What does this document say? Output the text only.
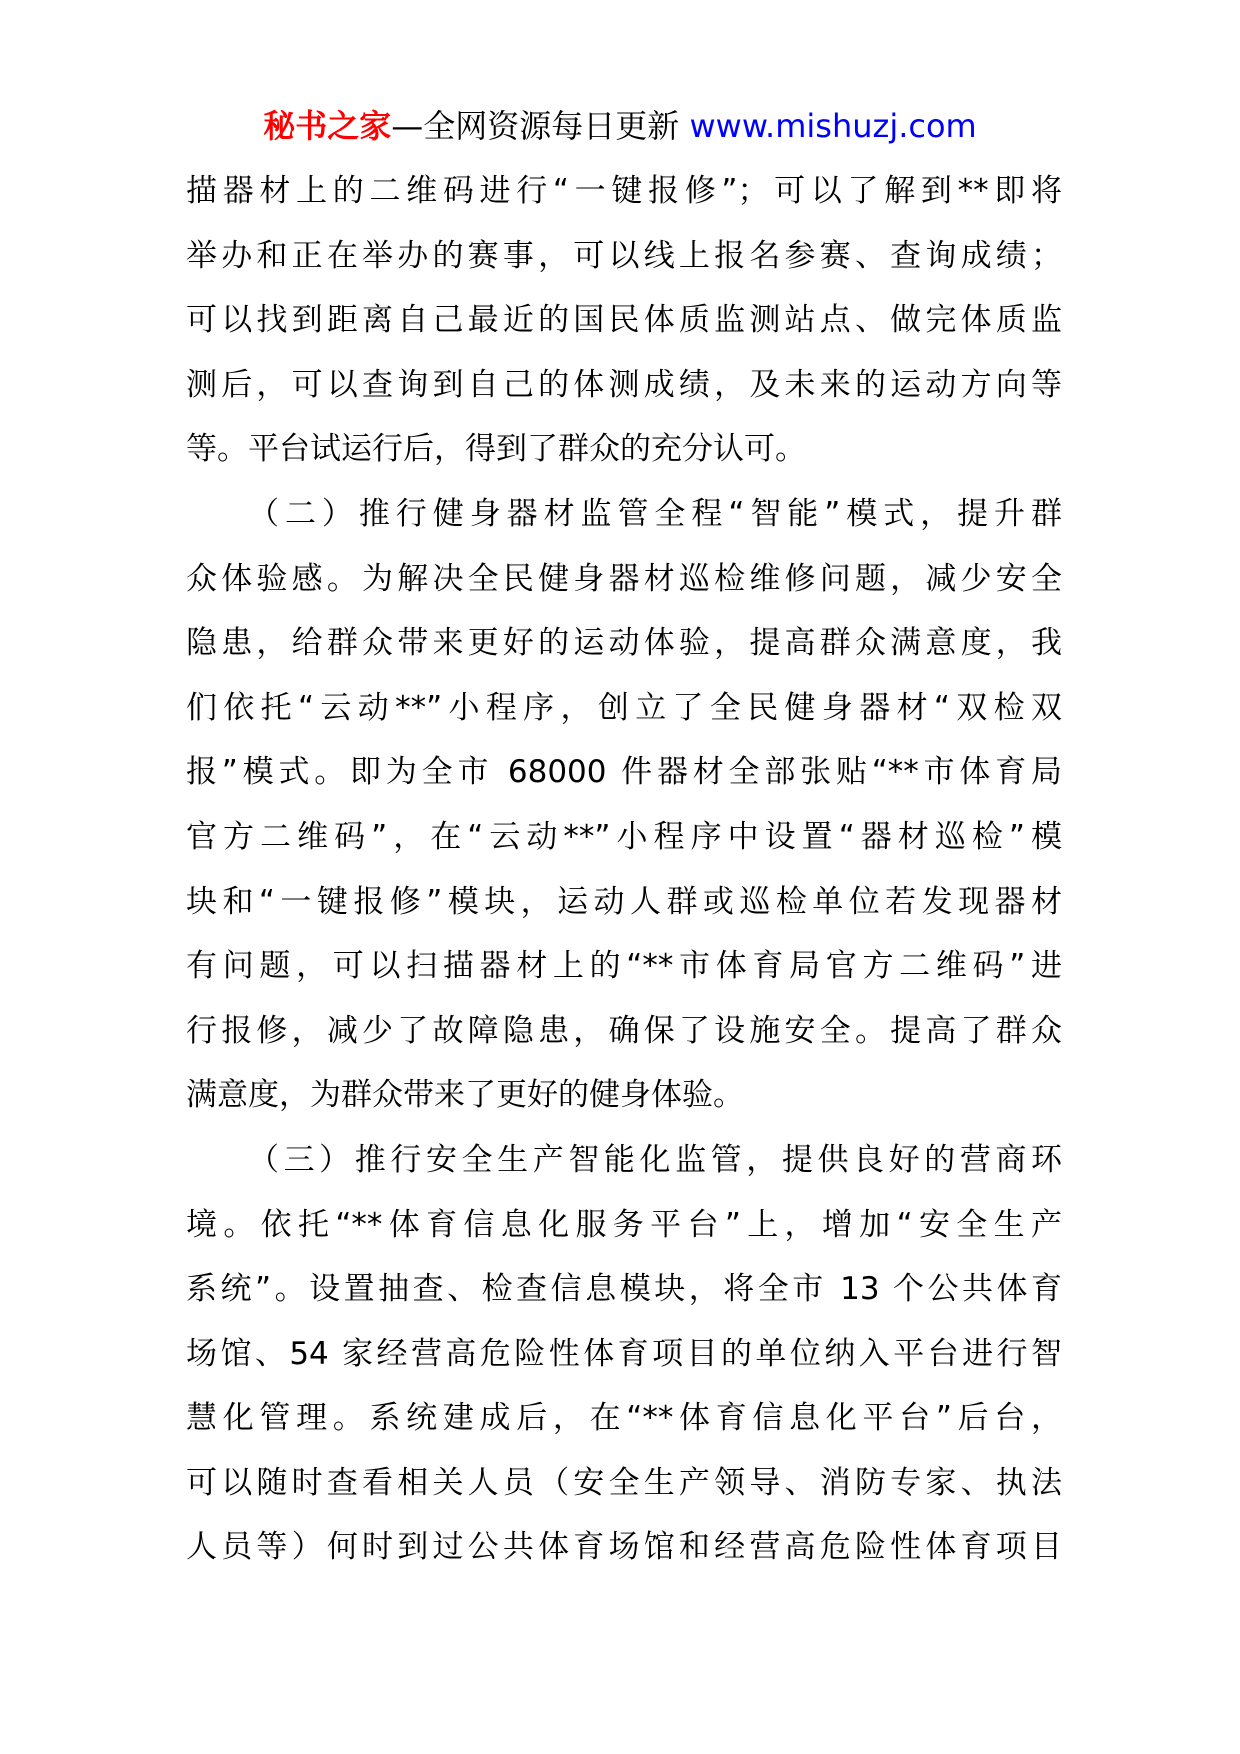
秘书之家—全网资源每日更新 www.mishuzj.com
描器材上的二维码进行“一键报修”；可以了解到**即将
举办和正在举办的赛事，可以线上报名参赛、查询成绩；
可以找到距离自己最近的国民体质监测站点、做完体质监
测后，可以查询到自己的体测成绩，及未来的运动方向等
等。平台试运行后，得到了群众的充分认可。
（二）推行健身器材监管全程“智能”模式，提升群
众体验感。为解决全民健身器材巡检维修问题，减少安全
隐患，给群众带来更好的运动体验，提高群众满意度，我
们依托“云动**”小程序，创立了全民健身器材“双检双
报”模式。即为全市 68000 件器材全部张贴“**市体育局
官方二维码”，在“云动**”小程序中设置“器材巡检”模
块和“一键报修”模块，运动人群或巡检单位若发现器材
有问题，可以扫描器材上的“**市体育局官方二维码”进
行报修，减少了故障隐患，确保了设施安全。提高了群众
满意度，为群众带来了更好的健身体验。
（三）推行安全生产智能化监管，提供良好的营商环
境。依托“**体育信息化服务平台”上，增加“安全生产
系统”。设置抽查、检查信息模块，将全市 13 个公共体育
场馆、54 家经营高危险性体育项目的单位纳入平台进行智
慧化管理。系统建成后，在“**体育信息化平台”后台，
可以随时查看相关人员（安全生产领导、消防专家、执法
人员等）何时到过公共体育场馆和经营高危险性体育项目
